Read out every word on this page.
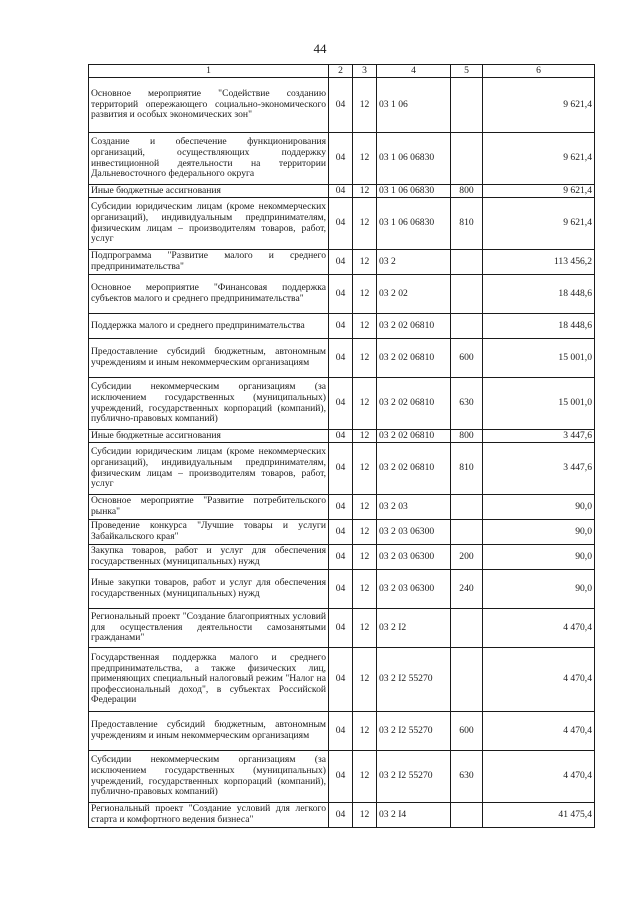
44
1	2	3	4	5	6
Основное мероприятие "Содействие созданию территорий опережающего социально-экономического развития и особых экономических зон"	04	12	03 1 06		9 621,4
Создание и обеспечение функционирования организаций, осуществляющих поддержку инвестиционной деятельности на территории Дальневосточного федерального округа	04	12	03 1 06 06830		9 621,4
Иные бюджетные ассигнования	04	12	03 1 06 06830	800	9 621,4
Субсидии юридическим лицам (кроме некоммерческих организаций), индивидуальным предпринимателям, физическим лицам – производителям товаров, работ, услуг	04	12	03 1 06 06830	810	9 621,4
Подпрограмма "Развитие малого и среднего предпринимательства"	04	12	03 2		113 456,2
Основное мероприятие "Финансовая поддержка субъектов малого и среднего предпринимательства"	04	12	03 2 02		18 448,6
Поддержка малого и среднего предпринимательства	04	12	03 2 02 06810		18 448,6
Предоставление субсидий бюджетным, автономным учреждениям и иным некоммерческим организациям	04	12	03 2 02 06810	600	15 001,0
Субсидии некоммерческим организациям (за исключением государственных (муниципальных) учреждений, государственных корпораций (компаний), публично-правовых компаний)	04	12	03 2 02 06810	630	15 001,0
Иные бюджетные ассигнования	04	12	03 2 02 06810	800	3 447,6
Субсидии юридическим лицам (кроме некоммерческих организаций), индивидуальным предпринимателям, физическим лицам – производителям товаров, работ, услуг	04	12	03 2 02 06810	810	3 447,6
Основное мероприятие "Развитие потребительского рынка"	04	12	03 2 03		90,0
Проведение конкурса "Лучшие товары и услуги Забайкальского края"	04	12	03 2 03 06300		90,0
Закупка товаров, работ и услуг для обеспечения государственных (муниципальных) нужд	04	12	03 2 03 06300	200	90,0
Иные закупки товаров, работ и услуг для обеспечения государственных (муниципальных) нужд	04	12	03 2 03 06300	240	90,0
Региональный проект "Создание благоприятных условий для осуществления деятельности самозанятыми гражданами"	04	12	03 2 I2		4 470,4
Государственная поддержка малого и среднего предпринимательства, а также физических лиц, применяющих специальный налоговый режим "Налог на профессиональный доход", в субъектах Российской Федерации	04	12	03 2 I2 55270		4 470,4
Предоставление субсидий бюджетным, автономным учреждениям и иным некоммерческим организациям	04	12	03 2 I2 55270	600	4 470,4
Субсидии некоммерческим организациям (за исключением государственных (муниципальных) учреждений, государственных корпораций (компаний), публично-правовых компаний)	04	12	03 2 I2 55270	630	4 470,4
Региональный проект "Создание условий для легкого старта и комфортного ведения бизнеса"	04	12	03 2 I4		41 475,4
